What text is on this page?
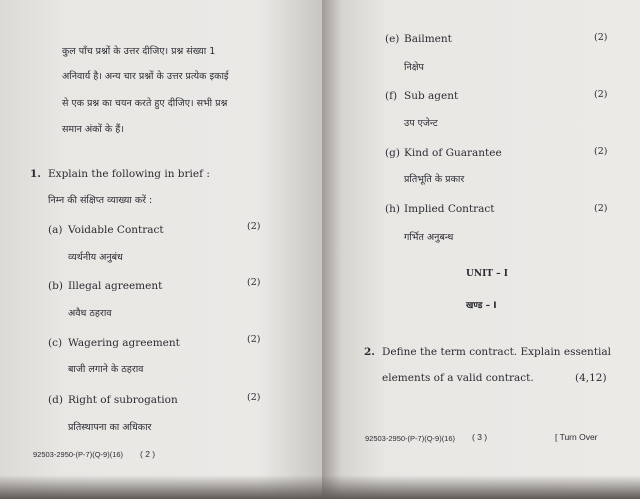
कुल पाँच प्रश्नों के उत्तर दीजिए। प्रश्न संख्या 1
अनिवार्य है। अन्य चार प्रश्नों के उत्तर प्रत्येक इकाई
से एक प्रश्न का चयन करते हुए दीजिए। सभी प्रश्न
समान अंकों के हैं।
1. Explain the following in brief :
निम्न की संक्षिप्त व्याख्या करें :
(a) Voidable Contract	(2)
व्यर्थनीय अनुबंध
(b) Illegal agreement	(2)
अवैध ठहराव
(c) Wagering agreement	(2)
बाजी लगाने के ठहराव
(d) Right of subrogation	(2)
प्रतिस्थापना का अधिकार
92503-2950-(P-7)(Q-9)(16) ( 2 )
(e) Bailment	(2)
निक्षेप
(f) Sub agent	(2)
उप एजेन्ट
(g) Kind of Guarantee	(2)
प्रतिभूति के प्रकार
(h) Implied Contract	(2)
गर्भित अनुबन्ध
UNIT – I
खण्ड – I
2. Define the term contract. Explain essential
elements of a valid contract.	(4,12)
92503-2950-(P-7)(Q-9)(16) ( 3 )	[ Turn Over
